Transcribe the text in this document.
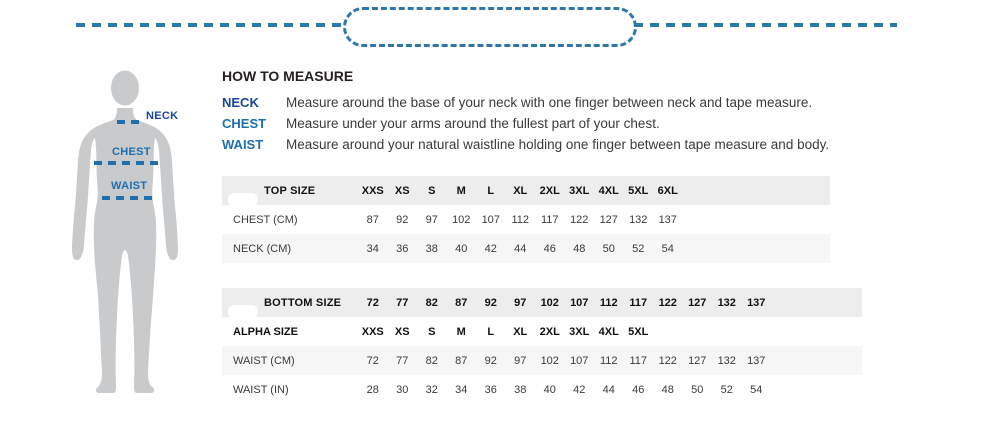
NECK
CHEST
WAIST
HOW TO MEASURE
NECK	Measure around the base of your neck with one finger between neck and tape measure.
CHEST	Measure under your arms around the fullest part of your chest.
WAIST	Measure around your natural waistline holding one finger between tape measure and body.
TOP SIZE	XXS	XS	S	M	L	XL	2XL 3XL 4XL 5XL 6XL
CHEST (CM)	87	92	97	102	107	112	117	122	127	132	137
NECK (CM)	34	36	38	40	42	44	46	48	50	52	54
BOTTOM SIZE	72	77	82	87	92	97	102	107	112	117	122	127	132	137
ALPHA SIZE	XXS	XS	S	M	L	XL	2XL 3XL 4XL 5XL
WAIST (CM)	72	77	82	87	92	97	102	107	112	117	122	127	132	137
WAIST (IN)	28	30	32	34	36	38	40	42	44	46	48	50	52	54
